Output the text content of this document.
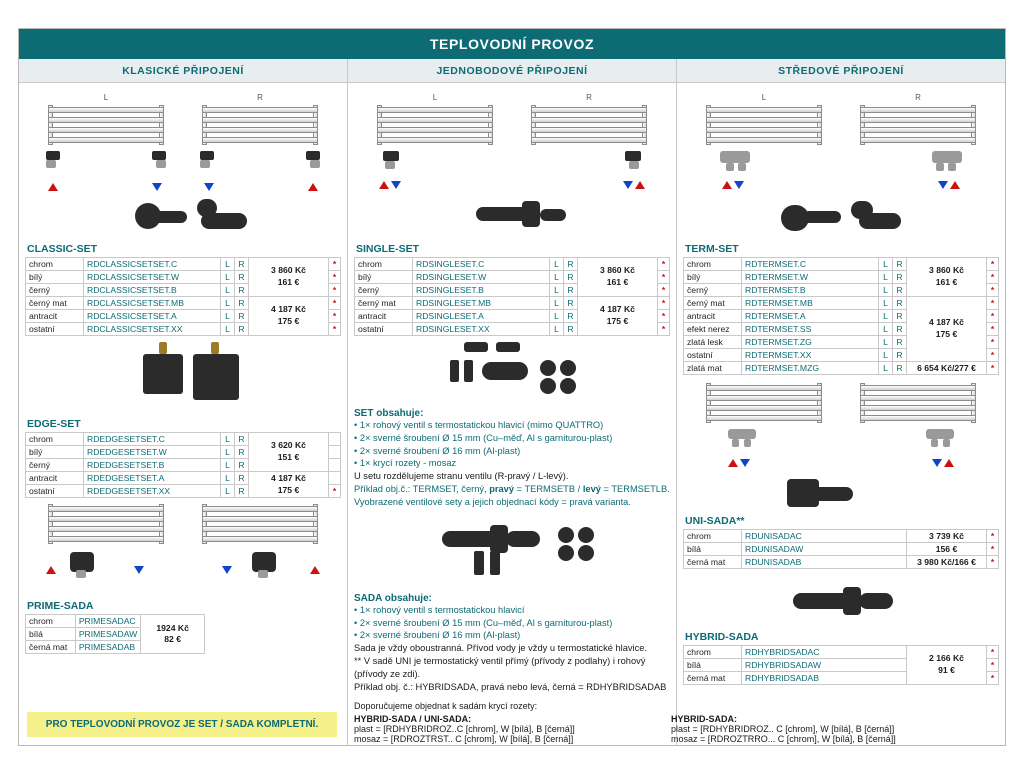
TEPLOVODNÍ PROVOZ
KLASICKÉ PŘIPOJENÍ
L	R
CLASSIC-SET
chrom	RDCLASSICSETSET.C	L	R	3 860 Kč
161 €	*
bílý	RDCLASSICSETSET.W	L	R		*
černý	RDCLASSICSETSET.B	L	R		*
černý mat	RDCLASSICSETSET.MB	L	R	4 187 Kč
175 €	*
antracit	RDCLASSICSETSET.A	L	R		*
ostatní	RDCLASSICSETSET.XX	L	R		*
EDGE-SET
chrom	RDEDGESETSET.C	L	R	3 620 Kč
151 €	

bílý	RDEDGESETSET.W	L	R		
černý	RDEDGESETSET.B	L	R		
antracit	RDEDGESETSET.A	L	R	4 187 Kč
175 €	

ostatní	RDEDGESETSET.XX	L	R		*
PRIME-SADA
chrom	PRIMESADAC	1924 Kč
82 €

bílá	PRIMESADAW	
černá mat	PRIMESADAB	
PRO TEPLOVODNÍ PROVOZ JE SET / SADA KOMPLETNÍ.
JEDNOBODOVÉ PŘIPOJENÍ
L	R
SINGLE-SET
chrom	RDSINGLESET.C	L	R	3 860 Kč
161 €	*
bílý	RDSINGLESET.W	L	R		*
černý	RDSINGLESET.B	L	R		*
černý mat	RDSINGLESET.MB	L	R	4 187 Kč
175 €	*
antracit	RDSINGLESET.A	L	R		*
ostatní	RDSINGLESET.XX	L	R		*
SET obsahuje:
• 1× rohový ventil s termostatickou hlavicí (mimo QUATTRO)
• 2× sverné šroubení Ø 15 mm (Cu–měď, Al s garniturou-plast)
• 2× sverné šroubení Ø 16 mm (Al-plast)
• 1× krycí rozety - mosaz
U setu rozdělujeme stranu ventilu (R-pravý / L-levý).
Příklad obj.č.: TERMSET, černý, pravý = TERMSETB / levý = TERMSETLB. Vyobrazené ventilové sety a jejich objednací kódy = pravá varianta.
SADA obsahuje:
• 1× rohový ventil s termostatickou hlavicí
• 2× sverné šroubení Ø 15 mm (Cu–měď, Al s garniturou-plast)
• 2× sverné šroubení Ø 16 mm (Al-plast)
Sada je vždy oboustranná. Přívod vody je vždy u termostatické hlavice.
** V sadě UNI je termostatický ventil přímý (přívody z podlahy) i rohový (přívody ze zdi).
Příklad obj. č.: HYBRIDSADA, pravá nebo levá, černá = RDHYBRIDSADAB
Doporučujeme objednat k sadám krycí rozety:
HYBRID-SADA / UNI-SADA:
plast = [RDHYBRIDROZ..C [chrom], W [bílá], B [černá]]
mosaz = [RDROZTRST.. C [chrom], W [bílá], B [černá]]
HYBRID-SADA:
plast = [RDHYBRIDROZ.. C [chrom], W [bílá], B [černá]]
mosaz = [RDROZTRRO... C [chrom], W [bílá], B [černá]]
STŘEDOVÉ PŘIPOJENÍ
L	R
TERM-SET
chrom	RDTERMSET.C	L	R	3 860 Kč
161 €	*
bílý	RDTERMSET.W	L	R		*
černý	RDTERMSET.B	L	R		*
černý mat	RDTERMSET.MB	L	R	4 187 Kč
175 €	*
antracit	RDTERMSET.A	L	R		*
efekt nerez	RDTERMSET.SS	L	R		*
zlatá lesk	RDTERMSET.ZG	L	R		*
ostatní	RDTERMSET.XX	L	R		*
zlatá mat	RDTERMSET.MZG	L	R	6 654 Kč/277 €	*
UNI-SADA**
chrom	RDUNISADAC	3 739 Kč	*
bílá	RDUNISADAW	156 €	*
černá mat	RDUNISADAB	3 980 Kč/166 €	*
HYBRID-SADA
chrom	RDHYBRIDSADAC	2 166 Kč
91 €	*
bílá	RDHYBRIDSADAW		*
černá mat	RDHYBRIDSADAB		*
